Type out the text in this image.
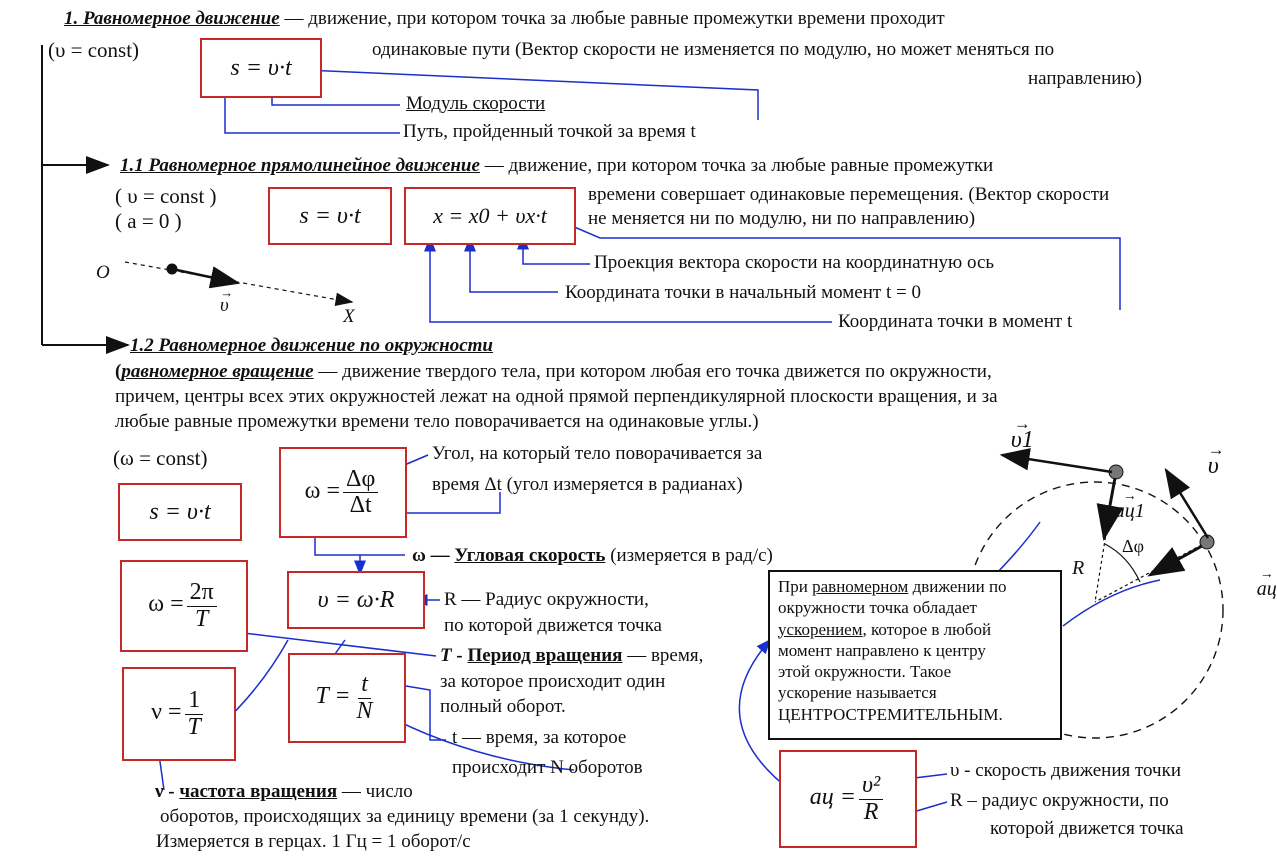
1. Равномерное движение — движение, при котором точка за любые равные промежутки времени проходит
одинаковые пути (Вектор скорости не изменяется по модулю, но может меняться по
направлению)
(υ = const)
s = υ·t
Модуль скорости
Путь, пройденный точкой за время t
1.1 Равномерное прямолинейное движение — движение, при котором точка за любые равные промежутки
времени совершает одинаковые перемещения. (Вектор скорости
не меняется ни по модулю, ни по направлению)
( υ = const )
( a = 0 )	s = υ·t	x = x0 + υx·t
O
X
→ υ
Проекция вектора скорости на координатную ось
Координата точки в начальный момент t = 0
Координата точки в момент t
1.2 Равномерное движение по окружности
(равномерное вращение — движение твердого тела, при котором любая его точка движется по окружности,
причем, центры всех этих окружностей лежат на одной прямой перпендикулярной плоскости вращения, и за
любые равные промежутки времени тело поворачивается на одинаковые углы.)
(ω = const)
s = υ·t
$\omega = \frac{\Delta\varphi}{\Delta t}$
Угол, на который тело поворачивается за
время Δt (угол измеряется в радианах)
ω — Угловая скорость (измеряется в рад/с)
$\omega = \frac{2\pi}{T}$	υ = ω·R	R — Радиус окружности,
по которой движется точка
T - Период вращения — время,
за которое происходит один
полный оборот.
$T = \frac{t}{N}$
$\nu = \frac{1}{T}$	t — время, за которое
происходит N оборотов
ν - частота вращения — число
оборотов, происходящих за единицу времени (за 1 секунду).
Измеряется в герцах. 1 Гц = 1 оборот/с
При равномерном движении по
окружности точка обладает
ускорением, которое в любой
момент направлено к центру
этой окружности. Такое
ускорение называется
ЦЕНТРОСТРЕМИТЕЛЬНЫМ.
aц = $\frac{\text{υ²}}{R}$
υ - скорость движения точки
R – радиус окружности, по
которой движется точка
→ υ1 → υ → aц1 → aц
R
Δφ
